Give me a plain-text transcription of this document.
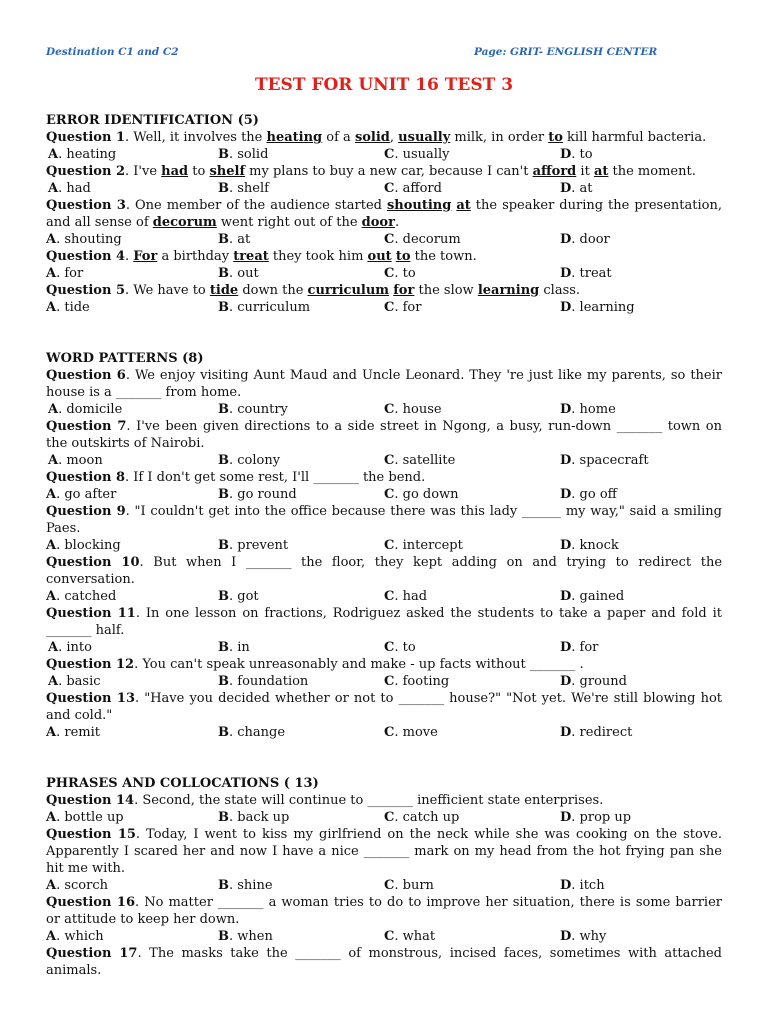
Destination C1 and C2	Page: GRIT- ENGLISH CENTER
TEST FOR UNIT 16 TEST 3

ERROR IDENTIFICATION (5)

Question 1. Well, it involves the heating of a solid, usually milk, in order to kill harmful bacteria.

A. heating	B. solid	C. usually	D. to

Question 2. I've had to shelf my plans to buy a new car, because I can't afford it at the moment.

A. had	B. shelf	C. afford	D. at

Question 3. One member of the audience started shouting at the speaker during the presentation, and all sense of decorum went right out of the door.

A. shouting	B. at	C. decorum	D. door

Question 4. For a birthday treat they took him out to the town.

A. for	B. out	C. to	D. treat

Question 5. We have to tide down the curriculum for the slow learning class.

A. tide	B. curriculum	C. for	D. learning

WORD PATTERNS (8)

Question 6. We enjoy visiting Aunt Maud and Uncle Leonard. They 're just like my parents, so their house is a _______ from home.

A. domicile	B. country	C. house	D. home

Question 7. I've been given directions to a side street in Ngong, a busy, run-down _______ town on the outskirts of Nairobi.

A. moon	B. colony	C. satellite	D. spacecraft

Question 8. If I don't get some rest, I'll _______ the bend.

A. go after	B. go round	C. go down	D. go off

Question 9. "I couldn't get into the office because there was this lady ______ my way," said a smiling Paes.

A. blocking	B. prevent	C. intercept	D. knock

Question 10. But when I _______ the floor, they kept adding on and trying to redirect the conversation.

A. catched	B. got	C. had	D. gained

Question 11. In one lesson on fractions, Rodriguez asked the students to take a paper and fold it _______ half.

A. into	B. in	C. to	D. for

Question 12. You can't speak unreasonably and make - up facts without _______ .

A. basic	B. foundation	C. footing	D. ground

Question 13. "Have you decided whether or not to _______ house?" "Not yet. We're still blowing hot and cold."

A. remit	B. change	C. move	D. redirect

PHRASES AND COLLOCATIONS ( 13)

Question 14. Second, the state will continue to _______ inefficient state enterprises.

A. bottle up	B. back up	C. catch up	D. prop up

Question 15. Today, I went to kiss my girlfriend on the neck while she was cooking on the stove. Apparently I scared her and now I have a nice _______ mark on my head from the hot frying pan she hit me with.

A. scorch	B. shine	C. burn	D. itch

Question 16. No matter _______ a woman tries to do to improve her situation, there is some barrier or attitude to keep her down.

A. which	B. when	C. what	D. why

Question 17. The masks take the _______ of monstrous, incised faces, sometimes with attached animals.
